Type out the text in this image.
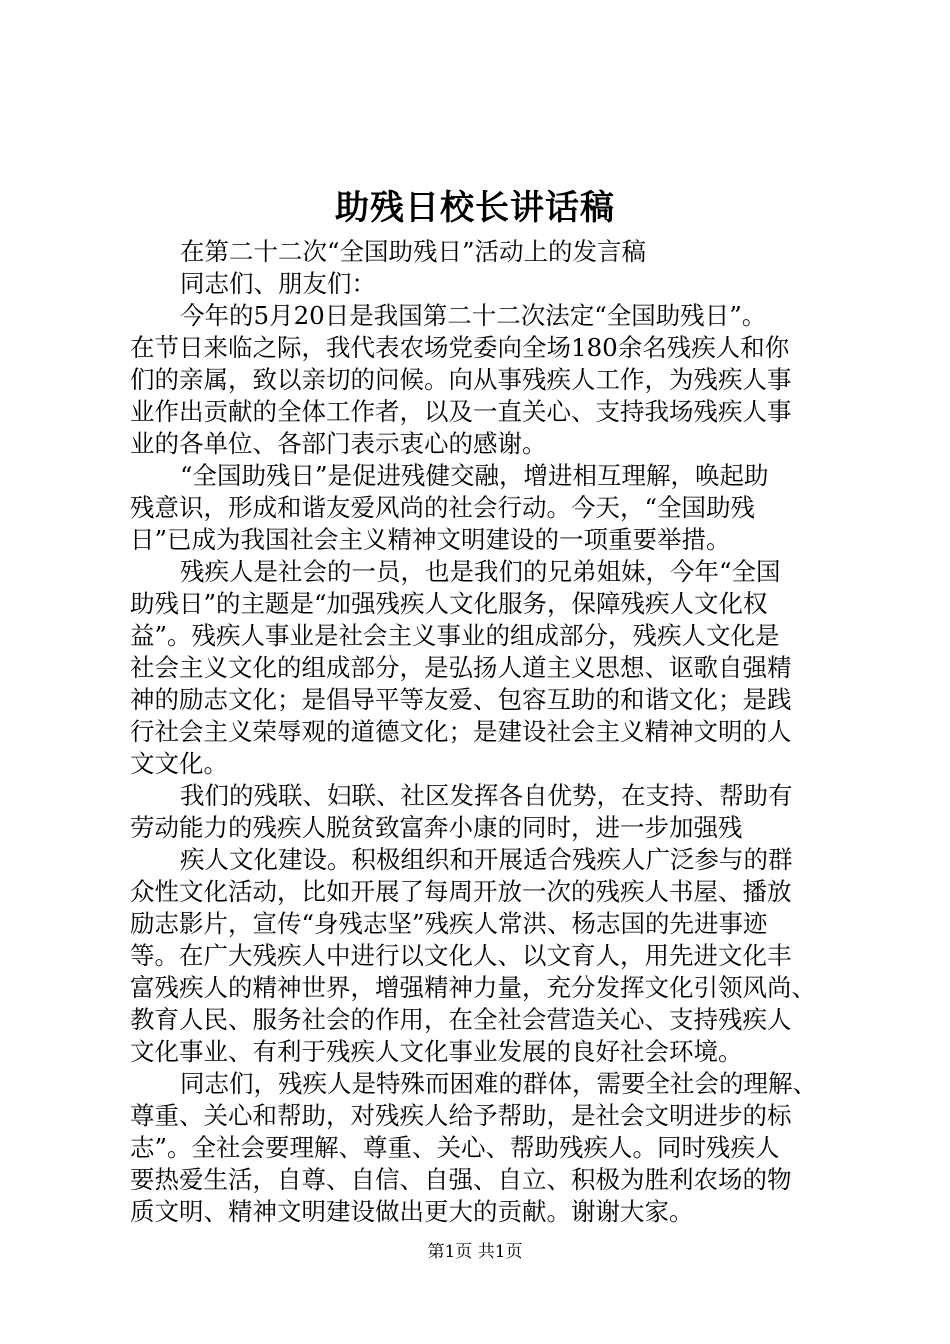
助残日校长讲话稿
在第二十二次“全国助残日”活动上的发言稿
同志们、朋友们：
今年的5月20日是我国第二十二次法定“全国助残日”。
在节日来临之际，我代表农场党委向全场180余名残疾人和你
们的亲属，致以亲切的问候。向从事残疾人工作，为残疾人事
业作出贡献的全体工作者，以及一直关心、支持我场残疾人事
业的各单位、各部门表示衷心的感谢。
“全国助残日”是促进残健交融，增进相互理解，唤起助
残意识，形成和谐友爱风尚的社会行动。今天，“全国助残
日”已成为我国社会主义精神文明建设的一项重要举措。
残疾人是社会的一员，也是我们的兄弟姐妹，今年“全国
助残日”的主题是“加强残疾人文化服务，保障残疾人文化权
益”。残疾人事业是社会主义事业的组成部分，残疾人文化是
社会主义文化的组成部分，是弘扬人道主义思想、讴歌自强精
神的励志文化；是倡导平等友爱、包容互助的和谐文化；是践
行社会主义荣辱观的道德文化；是建设社会主义精神文明的人
文文化。
我们的残联、妇联、社区发挥各自优势，在支持、帮助有
劳动能力的残疾人脱贫致富奔小康的同时，进一步加强残
疾人文化建设。积极组织和开展适合残疾人广泛参与的群
众性文化活动，比如开展了每周开放一次的残疾人书屋、播放
励志影片，宣传“身残志坚”残疾人常洪、杨志国的先进事迹
等。在广大残疾人中进行以文化人、以文育人，用先进文化丰
富残疾人的精神世界，增强精神力量，充分发挥文化引领风尚、
教育人民、服务社会的作用，在全社会营造关心、支持残疾人
文化事业、有利于残疾人文化事业发展的良好社会环境。
同志们，残疾人是特殊而困难的群体，需要全社会的理解、
尊重、关心和帮助，对残疾人给予帮助，是社会文明进步的标
志”。全社会要理解、尊重、关心、帮助残疾人。同时残疾人
要热爱生活，自尊、自信、自强、自立、积极为胜利农场的物
质文明、精神文明建设做出更大的贡献。谢谢大家。
第1页 共1页
